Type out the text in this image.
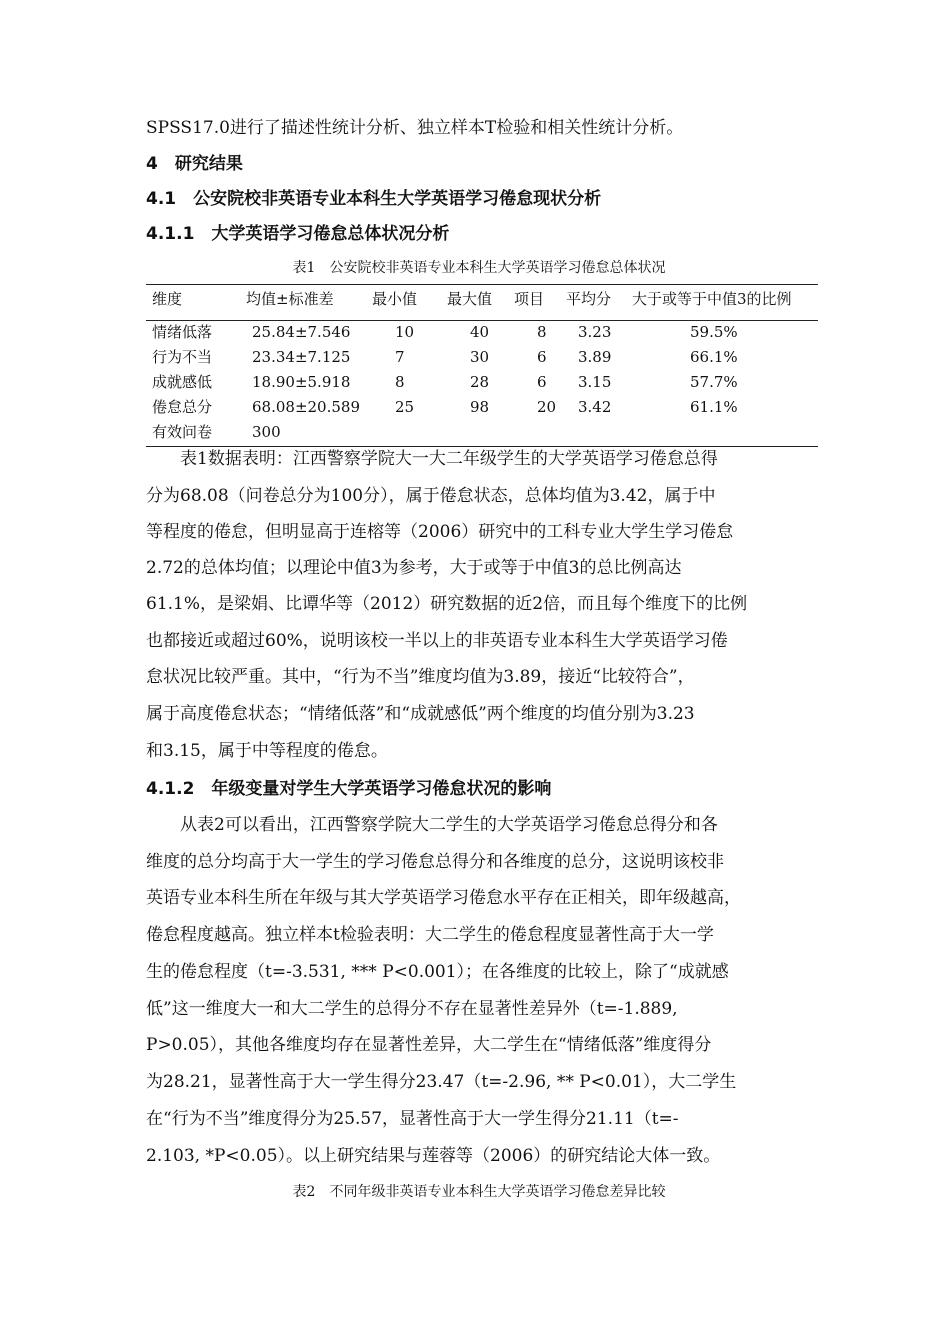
SPSS17.0进行了描述性统计分析、独立样本T检验和相关性统计分析。
4　研究结果
4.1　公安院校非英语专业本科生大学英语学习倦怠现状分析
4.1.1　大学英语学习倦怠总体状况分析
表1　公安院校非英语专业本科生大学英语学习倦怠总体状况
维度	均值±标准差	最小值 最大值 项目 平均分 大于或等于中值3的比例
情绪低落	25.84±7.546	10	40	8 3.23	59.5%
行为不当	23.34±7.125	7	30	6 3.89	66.1%
成就感低	18.90±5.918	8	28	6 3.15	57.7%
倦怠总分	68.08±20.589 25	98	20 3.42	61.1%
有效问卷	300
表1数据表明：江西警察学院大一大二年级学生的大学英语学习倦怠总得
分为68.08（问卷总分为100分），属于倦怠状态，总体均值为3.42，属于中
等程度的倦怠，但明显高于连榕等（2006）研究中的工科专业大学生学习倦怠
2.72的总体均值；以理论中值3为参考，大于或等于中值3的总比例高达
61.1%，是梁娟、比谭华等（2012）研究数据的近2倍，而且每个维度下的比例
也都接近或超过60%，说明该校一半以上的非英语专业本科生大学英语学习倦
怠状况比较严重。其中，“行为不当”维度均值为3.89，接近“比较符合”，
属于高度倦怠状态；“情绪低落”和“成就感低”两个维度的均值分别为3.23
和3.15，属于中等程度的倦怠。
4.1.2　年级变量对学生大学英语学习倦怠状况的影响
从表2可以看出，江西警察学院大二学生的大学英语学习倦怠总得分和各
维度的总分均高于大一学生的学习倦怠总得分和各维度的总分，这说明该校非
英语专业本科生所在年级与其大学英语学习倦怠水平存在正相关，即年级越高，
倦怠程度越高。独立样本t检验表明：大二学生的倦怠程度显著性高于大一学
生的倦怠程度（t=-3.531, *** P<0.001）；在各维度的比较上，除了“成就感
低”这一维度大一和大二学生的总得分不存在显著性差异外（t=-1.889,
P>0.05），其他各维度均存在显著性差异，大二学生在“情绪低落”维度得分
为28.21，显著性高于大一学生得分23.47（t=-2.96, ** P<0.01），大二学生
在“行为不当”维度得分为25.57，显著性高于大一学生得分21.11（t=-
2.103, *P<0.05）。以上研究结果与莲蓉等（2006）的研究结论大体一致。
表2　不同年级非英语专业本科生大学英语学习倦怠差异比较
